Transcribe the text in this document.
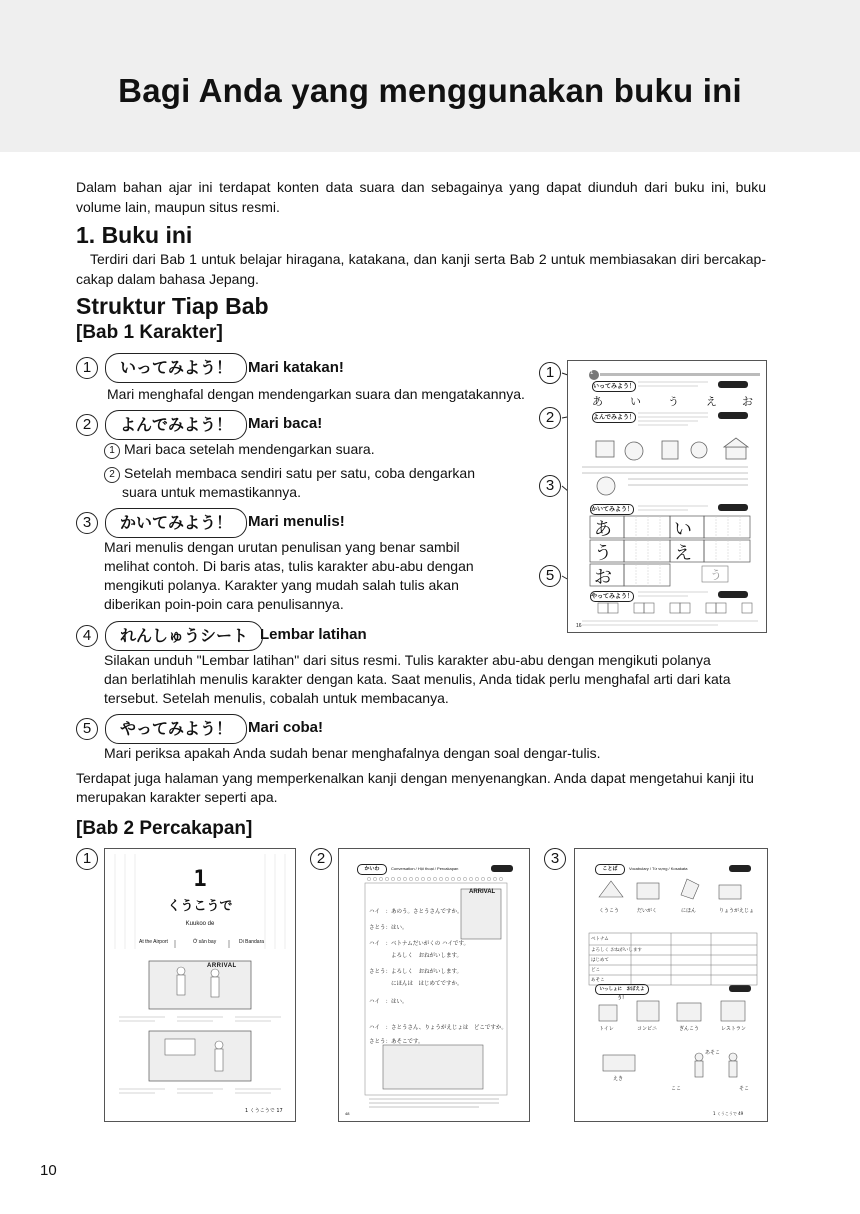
Bagi Anda yang menggunakan buku ini

Dalam bahan ajar ini terdapat konten data suara dan sebagainya yang dapat diunduh dari buku ini, buku volume lain, maupun situs resmi.

1. Buku ini

Terdiri dari Bab 1 untuk belajar hiragana, katakana, dan kanji serta Bab 2 untuk membiasakan diri bercakap-cakap dalam bahasa Jepang.

Struktur Tiap Bab
[Bab 1 Karakter]
1	いってみよう！	Mari katakan!

Mari menghafal dengan mendengarkan suara dan mengatakannya.

2	よんでみよう！	Mari baca!

1 Mari baca setelah mendengarkan suara.

2 Setelah membaca sendiri satu per satu, coba dengarkan

suara untuk memastikannya.

3	かいてみよう！	Mari menulis!

Mari menulis dengan urutan penulisan yang benar sambil

melihat contoh. Di baris atas, tulis karakter abu-abu dengan

mengikuti polanya. Karakter yang mudah salah tulis akan

diberikan poin-poin cara penulisannya.

4	れんしゅうシート Lembar latihan

Silakan unduh "Lembar latihan" dari situs resmi. Tulis karakter abu-abu dengan mengikuti polanya

dan berlatihlah menulis karakter dengan kata. Saat menulis, Anda tidak perlu menghafal arti dari kata

tersebut. Setelah menulis, cobalah untuk membacanya.

5	やってみよう！	Mari coba!

Mari periksa apakah Anda sudah benar menghafalnya dengan soal dengar-tulis.

Terdapat juga halaman yang memperkenalkan kanji dengan menyenangkan. Anda dapat mengetahui kanji itu

merupakan karakter seperti apa.

1
2
3
5
1
いってみよう！
よんでみよう！
かいてみよう！
やってみよう！
あ い う え お
あ	い
う	え
お	う
16
[Bab 2 Percakapan]
1	2	3
1
くうこうで
Kuukoo de
At the Airport	Ở sân bay	Di Bandara
ARRIVAL
1 くうこうで 17
かいわ	Conversation / Hội thoại / Percakapan
ARRIVAL
ハイ　：あのう。さとうさんですか。
さとう：はい。
ハイ　：ベトナムだいがくの ハイです。
　　　　よろしく　おねがいします。
さとう：よろしく　おねがいします。
　　　　にほんは　はじめてですか。
ハイ　：はい。
ハイ　：さとうさん、りょうがえじょは　どこですか。
さとう：あそこです。
48
ことば	Vocabulary / Từ vựng / Kosakata
くうこう	だいがく	にほん	りょうがえじょ
ベトナム
よろしく おねがいします
はじめて
どこ
あそこ
いっしょに　おぼえよう！
トイレ	コンビニ	ぎんこう	レストラン
えき
ここ
あそこ
そこ
1 くうこうで 49

10
